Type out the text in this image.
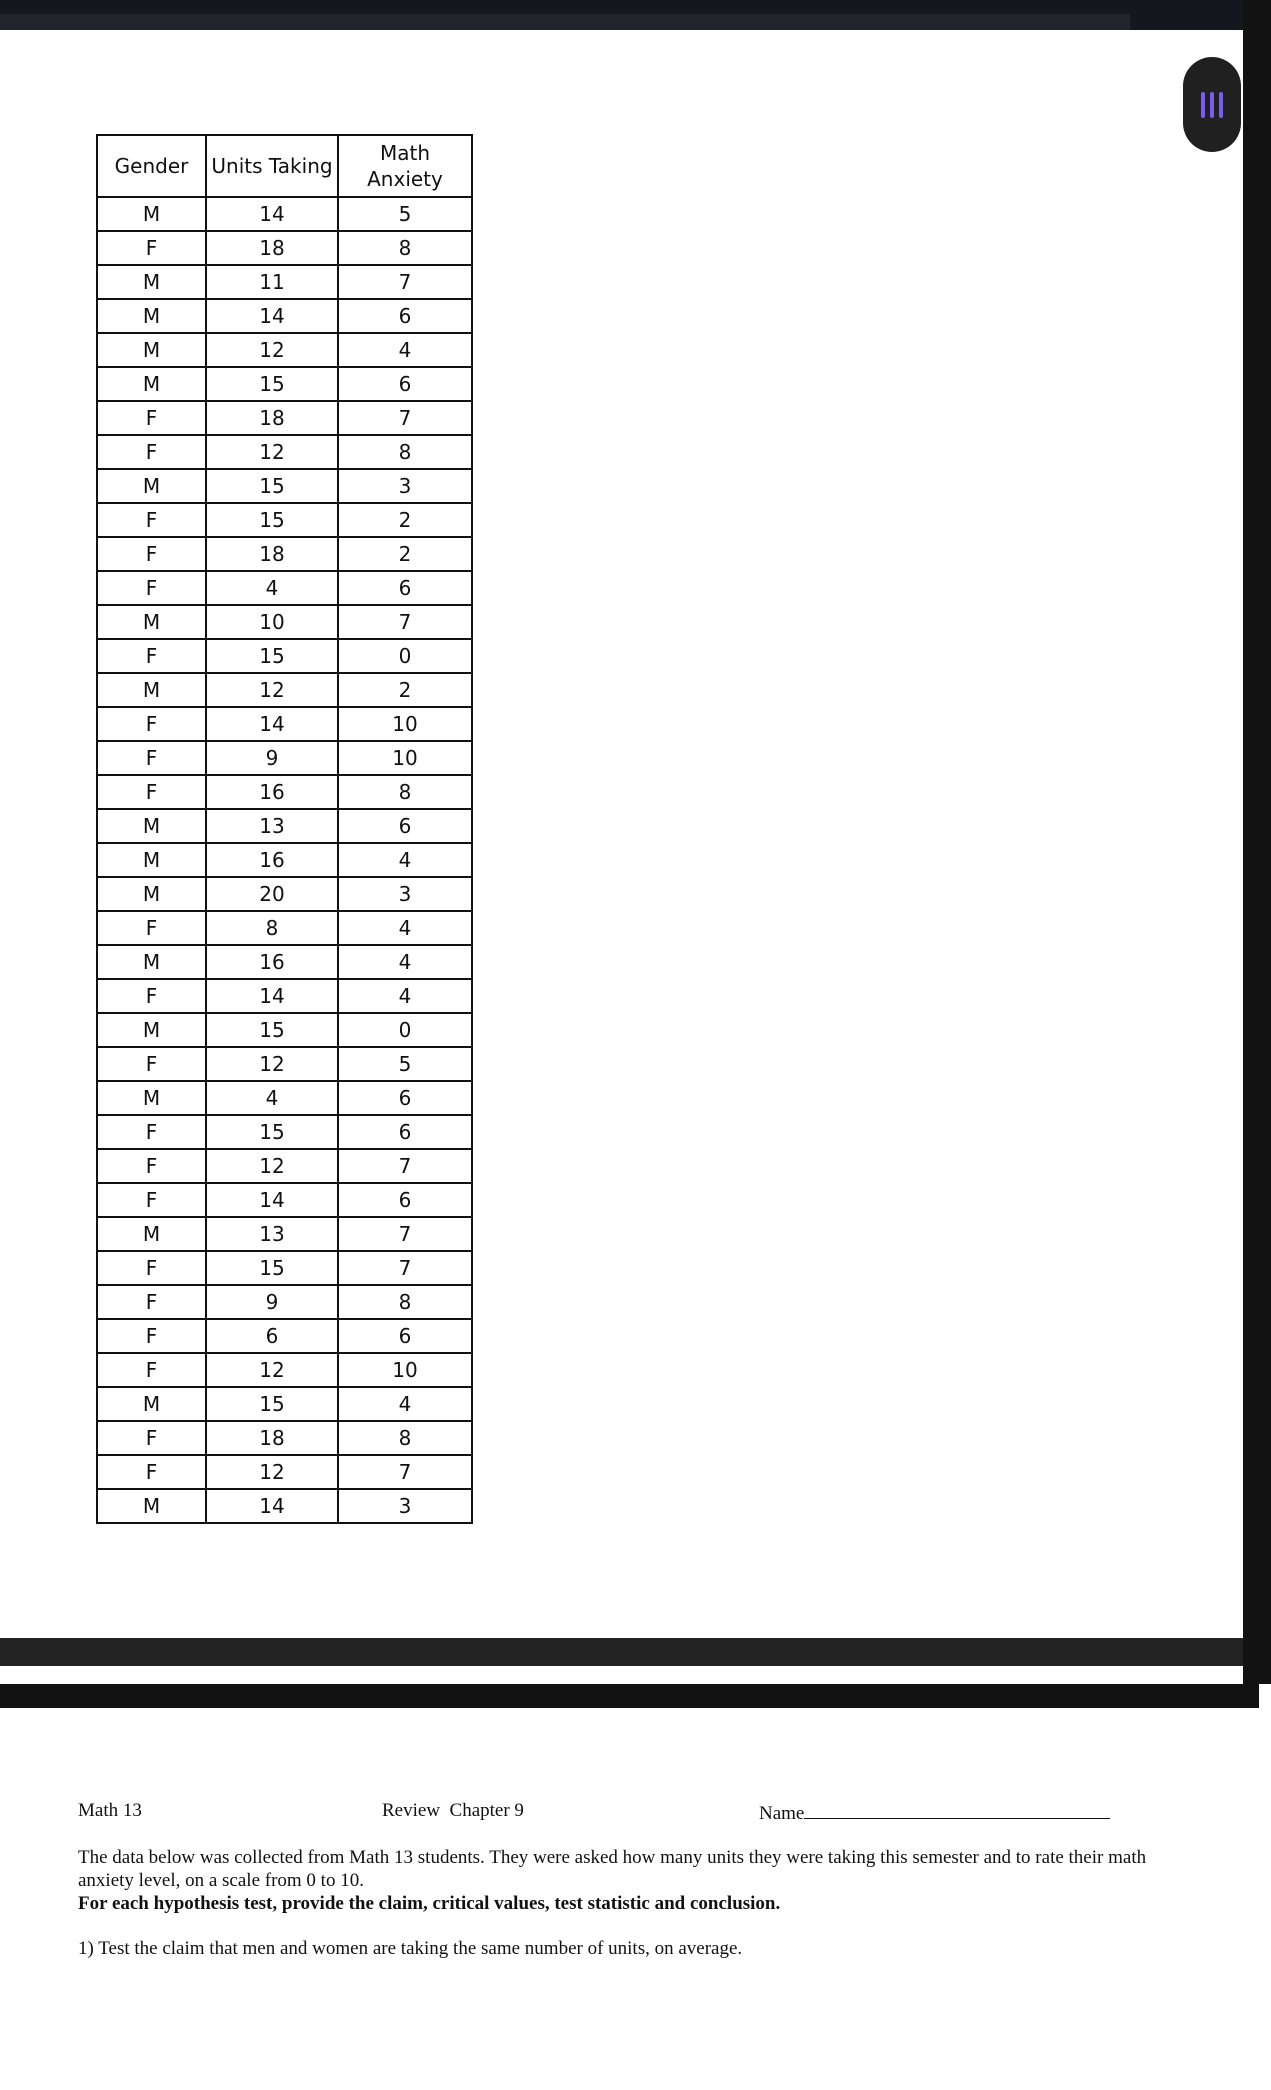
Gender	Units Taking	Math Anxiety
M	14	5
F	18	8
M	11	7
M	14	6
M	12	4
M	15	6
F	18	7
F	12	8
M	15	3
F	15	2
F	18	2
F	4	6
M	10	7
F	15	0
M	12	2
F	14	10
F	9	10
F	16	8
M	13	6
M	16	4
M	20	3
F	8	4
M	16	4
F	14	4
M	15	0
F	12	5
M	4	6
F	15	6
F	12	7
F	14	6
M	13	7
F	15	7
F	9	8
F	6	6
F	12	10
M	15	4
F	18	8
F	12	7
M	14	3
Math 13	Review  Chapter 9	Name
The data below was collected from Math 13 students. They were asked how many units they were taking this semester and to rate their math anxiety level, on a scale from 0 to 10.
For each hypothesis test, provide the claim, critical values, test statistic and conclusion.
1) Test the claim that men and women are taking the same number of units, on average.
